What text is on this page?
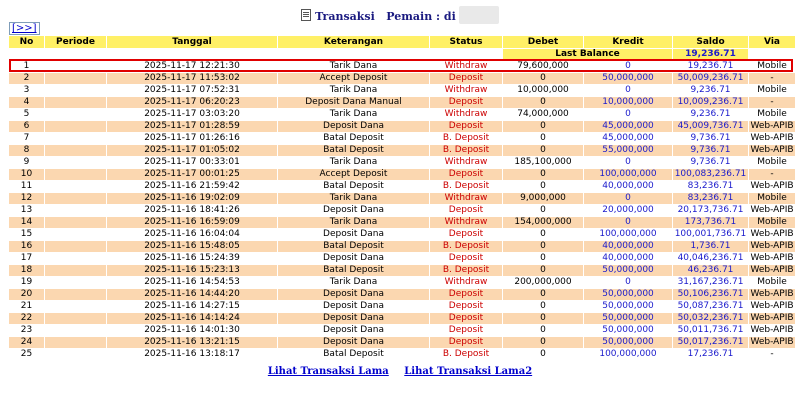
Transaksi Pemain : di
[>>]
No	Periode	Tanggal	Keterangan	Status	Debet	Kredit	Saldo	Via
					Last Balance		19,236.71	
1		2025-11-17 12:21:30	Tarik Dana	Withdraw	79,600,000	0	19,236.71	Mobile
2		2025-11-17 11:53:02	Accept Deposit	Deposit	0	50,000,000	50,009,236.71	-
3		2025-11-17 07:52:31	Tarik Dana	Withdraw	10,000,000	0	9,236.71	Mobile
4		2025-11-17 06:20:23	Deposit Dana Manual	Deposit	0	10,000,000	10,009,236.71	-
5		2025-11-17 03:03:20	Tarik Dana	Withdraw	74,000,000	0	9,236.71	Mobile
6		2025-11-17 01:28:59	Deposit Dana	Deposit	0	45,000,000	45,009,736.71	Web-APIB
7		2025-11-17 01:26:16	Batal Deposit	B. Deposit	0	45,000,000	9,736.71	Web-APIB
8		2025-11-17 01:05:02	Batal Deposit	B. Deposit	0	55,000,000	9,736.71	Web-APIB
9		2025-11-17 00:33:01	Tarik Dana	Withdraw	185,100,000	0	9,736.71	Mobile
10		2025-11-17 00:01:25	Accept Deposit	Deposit	0	100,000,000	100,083,236.71	-
11		2025-11-16 21:59:42	Batal Deposit	B. Deposit	0	40,000,000	83,236.71	Web-APIB
12		2025-11-16 19:02:09	Tarik Dana	Withdraw	9,000,000	0	83,236.71	Mobile
13		2025-11-16 18:41:26	Deposit Dana	Deposit	0	20,000,000	20,173,736.71	Web-APIB
14		2025-11-16 16:59:09	Tarik Dana	Withdraw	154,000,000	0	173,736.71	Mobile
15		2025-11-16 16:04:04	Deposit Dana	Deposit	0	100,000,000	100,001,736.71	Web-APIB
16		2025-11-16 15:48:05	Batal Deposit	B. Deposit	0	40,000,000	1,736.71	Web-APIB
17		2025-11-16 15:24:39	Deposit Dana	Deposit	0	40,000,000	40,046,236.71	Web-APIB
18		2025-11-16 15:23:13	Batal Deposit	B. Deposit	0	50,000,000	46,236.71	Web-APIB
19		2025-11-16 14:54:53	Tarik Dana	Withdraw	200,000,000	0	31,167,236.71	Mobile
20		2025-11-16 14:44:20	Deposit Dana	Deposit	0	50,000,000	50,106,236.71	Web-APIB
21		2025-11-16 14:27:15	Deposit Dana	Deposit	0	50,000,000	50,087,236.71	Web-APIB
22		2025-11-16 14:14:24	Deposit Dana	Deposit	0	50,000,000	50,032,236.71	Web-APIB
23		2025-11-16 14:01:30	Deposit Dana	Deposit	0	50,000,000	50,011,736.71	Web-APIB
24		2025-11-16 13:21:15	Deposit Dana	Deposit	0	50,000,000	50,017,236.71	Web-APIB
25		2025-11-16 13:18:17	Batal Deposit	B. Deposit	0	100,000,000	17,236.71	-
Lihat Transaksi Lama Lihat Transaksi Lama2
